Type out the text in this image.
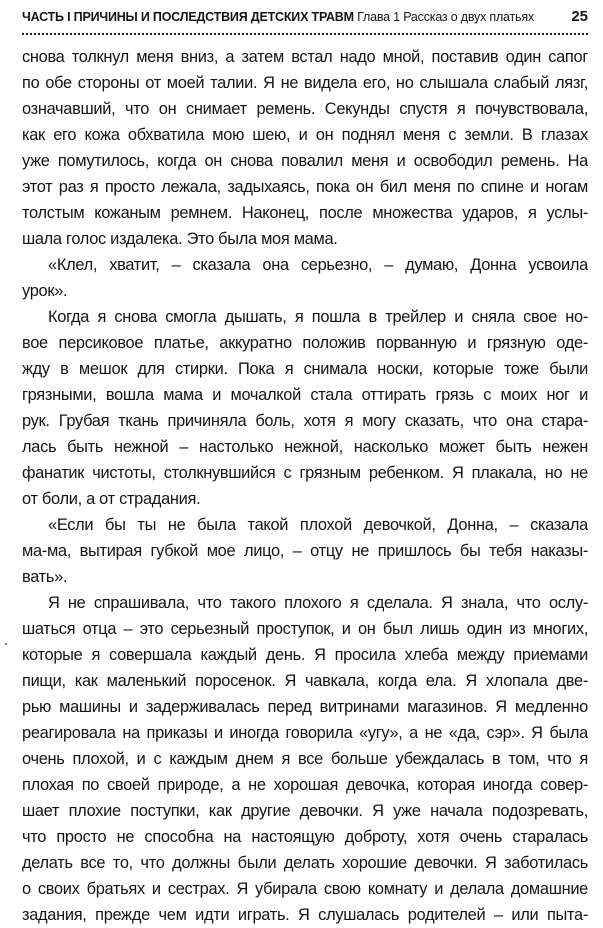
ЧАСТЬ I ПРИЧИНЫ И ПОСЛЕДСТВИЯ ДЕТСКИХ ТРАВМ Глава 1 Рассказ о двух платьях 25
снова толкнул меня вниз, а затем встал надо мной, поставив один сапог
по обе стороны от моей талии. Я не видела его, но слышала слабый лязг,
означавший, что он снимает ремень. Секунды спустя я почувствовала,
как его кожа обхватила мою шею, и он поднял меня с земли. В глазах
уже помутилось, когда он снова повалил меня и освободил ремень. На
этот раз я просто лежала, задыхаясь, пока он бил меня по спине и ногам
толстым кожаным ремнем. Наконец, после множества ударов, я услы-
шала голос издалека. Это была моя мама.
«Клел, хватит, – сказала она серьезно, – думаю, Донна усвоила
урок».
Когда я снова смогла дышать, я пошла в трейлер и сняла свое но-
вое персиковое платье, аккуратно положив порванную и грязную оде-
жду в мешок для стирки. Пока я снимала носки, которые тоже были
грязными, вошла мама и мочалкой стала оттирать грязь с моих ног и
рук. Грубая ткань причиняла боль, хотя я могу сказать, что она стара-
лась быть нежной – настолько нежной, насколько может быть нежен
фанатик чистоты, столкнувшийся с грязным ребенком. Я плакала, но не
от боли, а от страдания.
«Если бы ты не была такой плохой девочкой, Донна, – сказала
ма-ма, вытирая губкой мое лицо, – отцу не пришлось бы тебя наказы-
вать».
Я не спрашивала, что такого плохого я сделала. Я знала, что ослу-
шаться отца – это серьезный проступок, и он был лишь один из многих,
которые я совершала каждый день. Я просила хлеба между приемами
пищи, как маленький поросенок. Я чавкала, когда ела. Я хлопала две-
рью машины и задерживалась перед витринами магазинов. Я медленно
реагировала на приказы и иногда говорила «угу», а не «да, сэр». Я была
очень плохой, и с каждым днем я все больше убеждалась в том, что я
плохая по своей природе, а не хорошая девочка, которая иногда совер-
шает плохие поступки, как другие девочки. Я уже начала подозревать,
что просто не способна на настоящую доброту, хотя очень старалась
делать все то, что должны были делать хорошие девочки. Я заботилась
о своих братьях и сестрах. Я убирала свою комнату и делала домашние
задания, прежде чем идти играть. Я слушалась родителей – или пыта-
